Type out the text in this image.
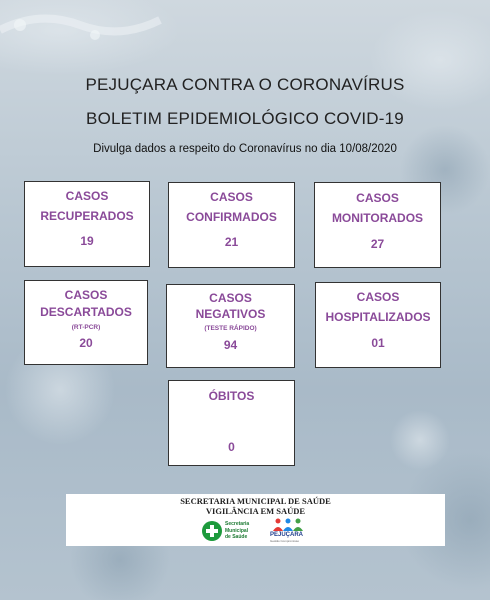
PEJUÇARA CONTRA O CORONAVÍRUS
BOLETIM EPIDEMIOLÓGICO COVID-19
Divulga dados a respeito do Coronavírus no dia 10/08/2020
CASOS
RECUPERADOS
19
CASOS
CONFIRMADOS
21
CASOS
MONITORADOS
27
CASOS
DESCARTADOS
(RT-PCR)
20
CASOS
NEGATIVOS
(TESTE RÁPIDO)
94
CASOS
HOSPITALIZADOS
01
ÓBITOS
0
SECRETARIA MUNICIPAL DE SAÚDE
VIGILÂNCIA EM SAÚDE
Secretaria
Municipal
de Saúde	PEJUÇARA
Gestão Compromisso
